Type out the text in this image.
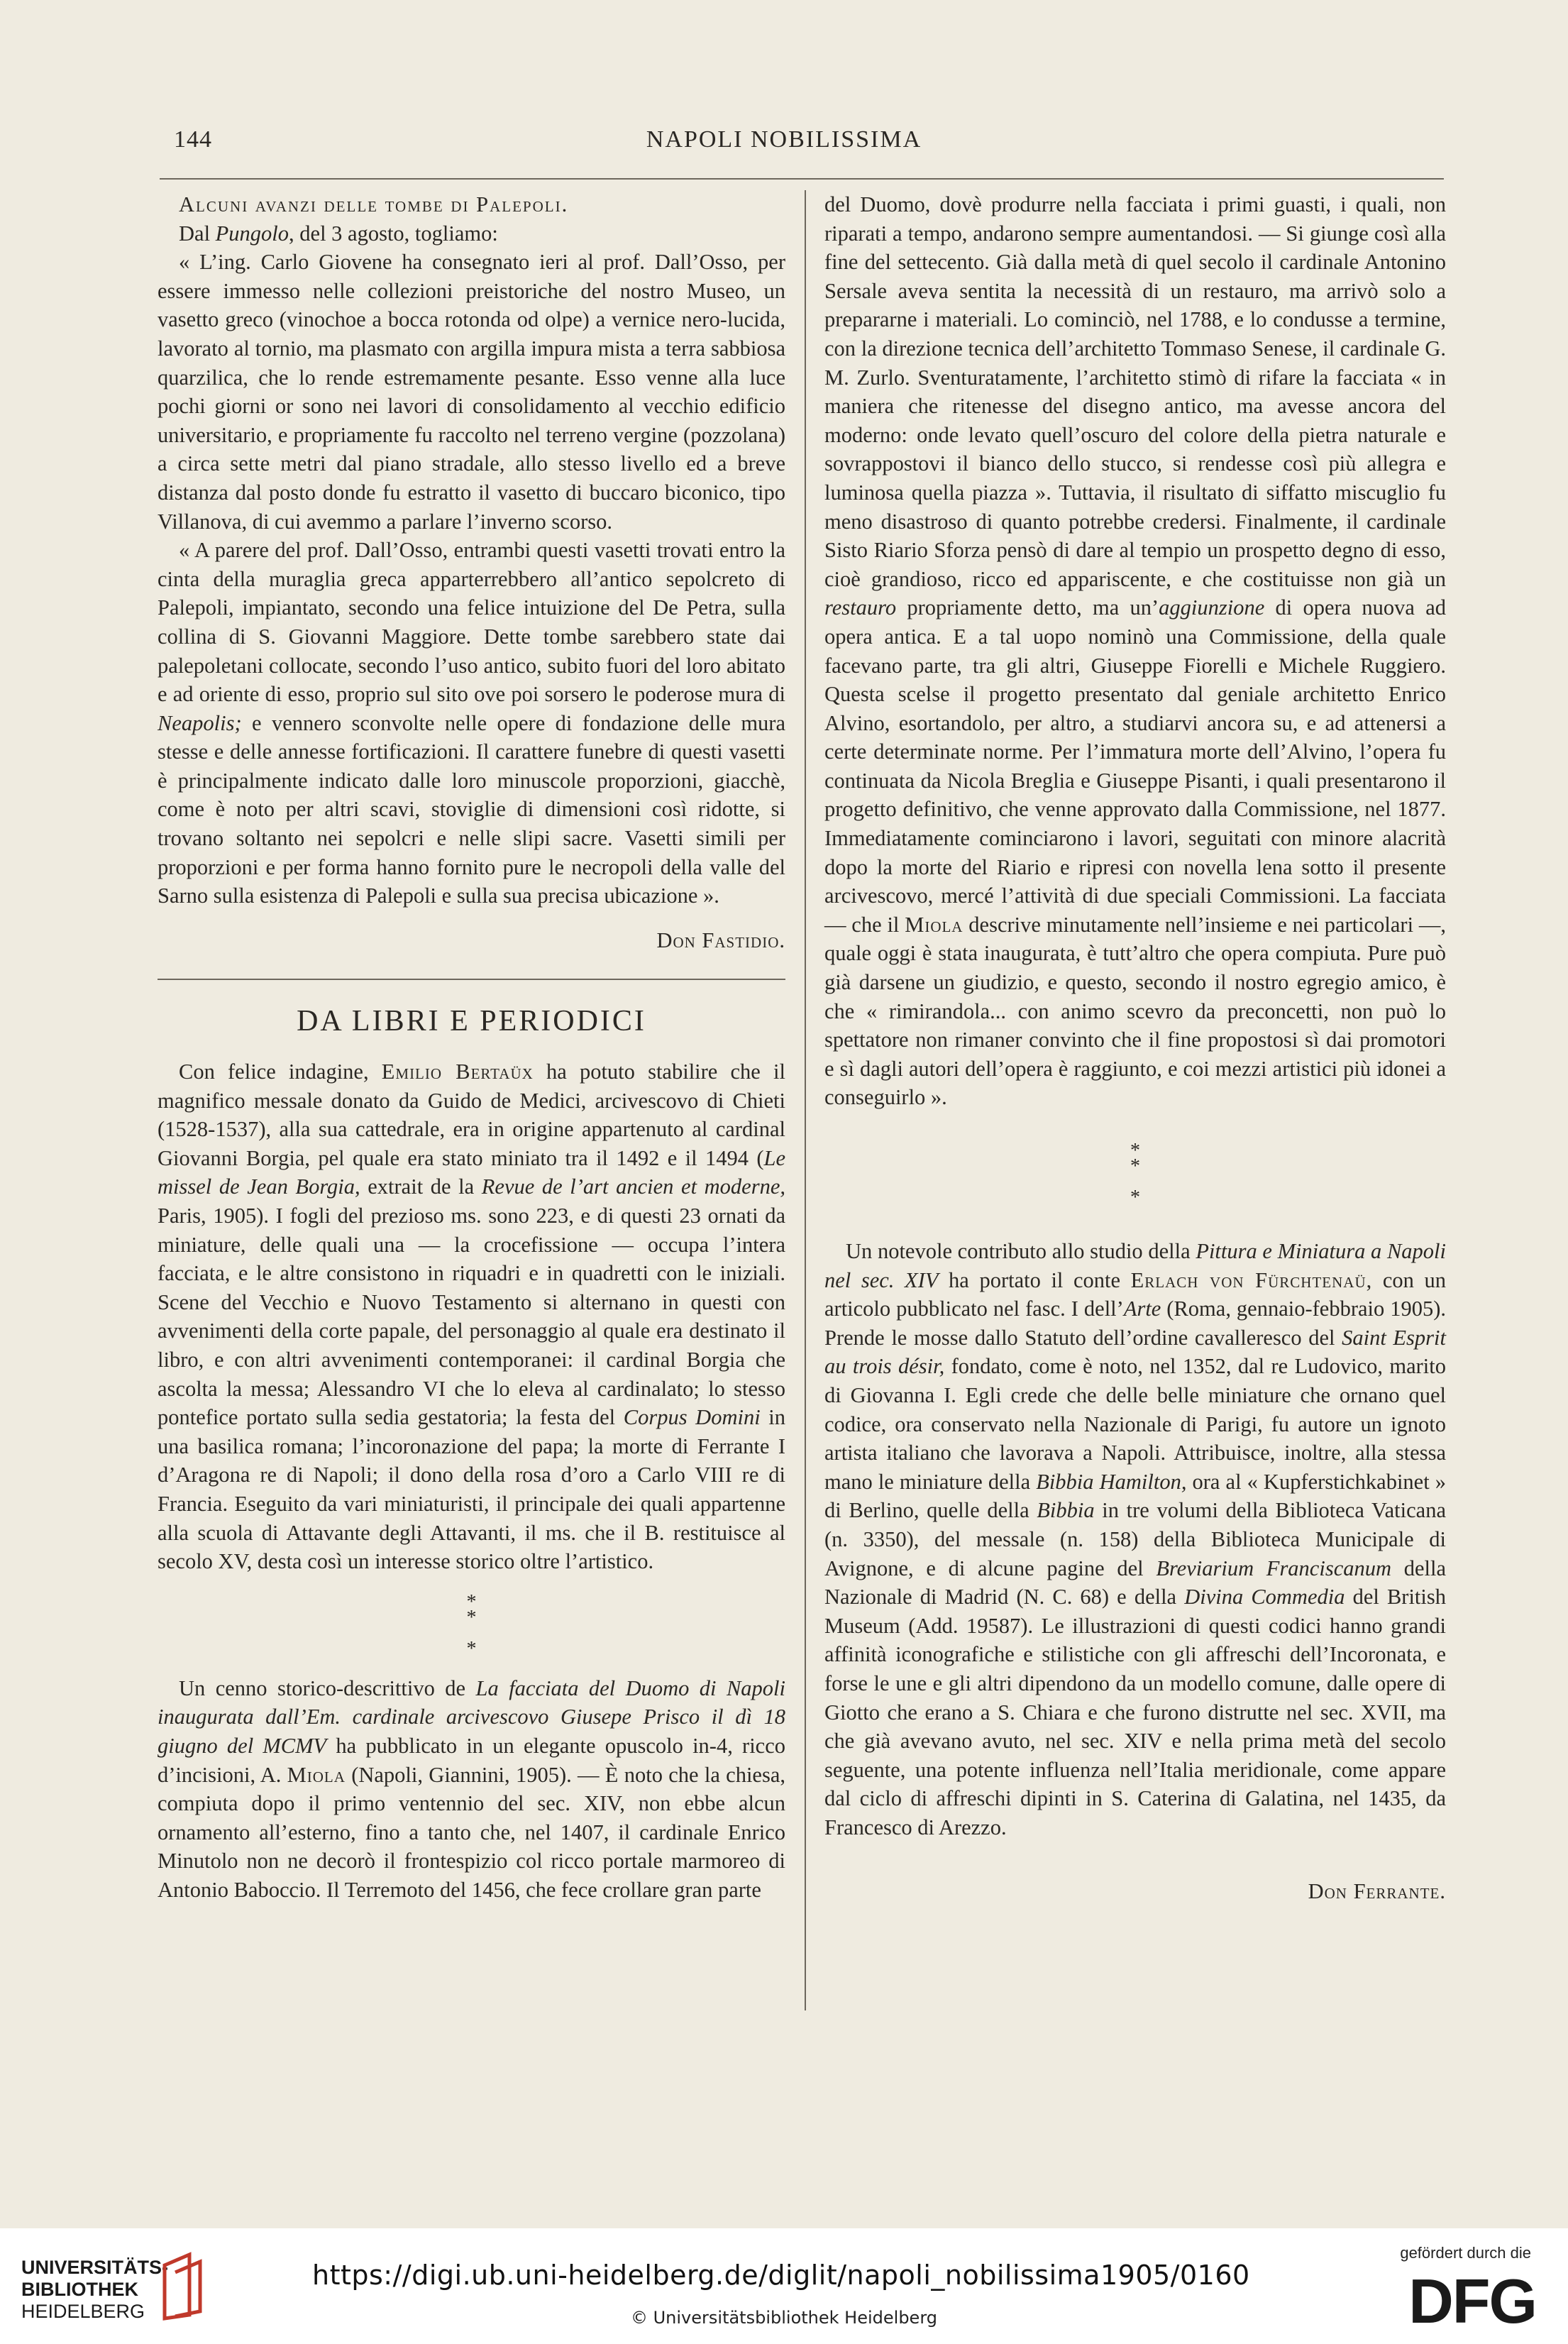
144	NAPOLI NOBILISSIMA

Alcuni avanzi delle tombe di Palepoli.

Dal Pungolo, del 3 agosto, togliamo:

« L’ing. Carlo Giovene ha consegnato ieri al prof. Dall’Osso, per essere immesso nelle collezioni preistoriche del nostro Museo, un vasetto greco (vinochoe a bocca rotonda od olpe) a vernice nero-lucida, lavorato al tornio, ma plasmato con argilla impura mista a terra sabbiosa quarzilica, che lo rende estremamente pesante. Esso venne alla luce pochi giorni or sono nei lavori di consolidamento al vecchio edificio universitario, e propriamente fu raccolto nel terreno vergine (pozzolana) a circa sette metri dal piano stradale, allo stesso livello ed a breve distanza dal posto donde fu estratto il vasetto di buccaro biconico, tipo Villanova, di cui avemmo a parlare l’inverno scorso.

« A parere del prof. Dall’Osso, entrambi questi vasetti trovati entro la cinta della muraglia greca apparterrebbero all’antico sepolcreto di Palepoli, impiantato, secondo una felice intuizione del De Petra, sulla collina di S. Giovanni Maggiore. Dette tombe sarebbero state dai palepoletani collocate, secondo l’uso antico, subito fuori del loro abitato e ad oriente di esso, proprio sul sito ove poi sorsero le poderose mura di Neapolis; e vennero sconvolte nelle opere di fondazione delle mura stesse e delle annesse fortificazioni. Il carattere funebre di questi vasetti è principalmente indicato dalle loro minuscole proporzioni, giacchè, come è noto per altri scavi, stoviglie di dimensioni così ridotte, si trovano soltanto nei sepolcri e nelle slipi sacre. Vasetti simili per proporzioni e per forma hanno fornito pure le necropoli della valle del Sarno sulla esistenza di Palepoli e sulla sua precisa ubicazione ».

Don Fastidio.

DA LIBRI E PERIODICI

Con felice indagine, Emilio Bertaüx ha potuto stabilire che il magnifico messale donato da Guido de Medici, arcivescovo di Chieti (1528-1537), alla sua cattedrale, era in origine appartenuto al cardinal Giovanni Borgia, pel quale era stato miniato tra il 1492 e il 1494 (Le missel de Jean Borgia, extrait de la Revue de l’art ancien et moderne, Paris, 1905). I fogli del prezioso ms. sono 223, e di questi 23 ornati da miniature, delle quali una — la crocefissione — occupa l’intera facciata, e le altre consistono in riquadri e in quadretti con le iniziali. Scene del Vecchio e Nuovo Testamento si alternano in questi con avvenimenti della corte papale, del personaggio al quale era destinato il libro, e con altri avvenimenti contemporanei: il cardinal Borgia che ascolta la messa; Alessandro VI che lo eleva al cardinalato; lo stesso pontefice portato sulla sedia gestatoria; la festa del Corpus Domini in una basilica romana; l’incoronazione del papa; la morte di Ferrante I d’Aragona re di Napoli; il dono della rosa d’oro a Carlo VIII re di Francia. Eseguito da vari miniaturisti, il principale dei quali appartenne alla scuola di Attavante degli Attavanti, il ms. che il B. restituisce al secolo XV, desta così un interesse storico oltre l’artistico.

*
*

*

Un cenno storico-descrittivo de La facciata del Duomo di Napoli inaugurata dall’Em. cardinale arcivescovo Giusepe Prisco il dì 18 giugno del MCMV ha pubblicato in un elegante opuscolo in-4, ricco d’incisioni, A. Miola (Napoli, Giannini, 1905). — È noto che la chiesa, compiuta dopo il primo ventennio del sec. XIV, non ebbe alcun ornamento all’esterno, fino a tanto che, nel 1407, il cardinale Enrico Minutolo non ne decorò il frontespizio col ricco portale marmoreo di Antonio Baboccio. Il Terremoto del 1456, che fece crollare gran parte

del Duomo, dovè produrre nella facciata i primi guasti, i quali, non riparati a tempo, andarono sempre aumentandosi. — Si giunge così alla fine del settecento. Già dalla metà di quel secolo il cardinale Antonino Sersale aveva sentita la necessità di un restauro, ma arrivò solo a prepararne i materiali. Lo cominciò, nel 1788, e lo condusse a termine, con la direzione tecnica dell’architetto Tommaso Senese, il cardinale G. M. Zurlo. Sventuratamente, l’architetto stimò di rifare la facciata « in maniera che ritenesse del disegno antico, ma avesse ancora del moderno: onde levato quell’oscuro del colore della pietra naturale e sovrappostovi il bianco dello stucco, si rendesse così più allegra e luminosa quella piazza ». Tuttavia, il risultato di siffatto miscuglio fu meno disastroso di quanto potrebbe credersi. Finalmente, il cardinale Sisto Riario Sforza pensò di dare al tempio un prospetto degno di esso, cioè grandioso, ricco ed appariscente, e che costituisse non già un restauro propriamente detto, ma un’aggiunzione di opera nuova ad opera antica. E a tal uopo nominò una Commissione, della quale facevano parte, tra gli altri, Giuseppe Fiorelli e Michele Ruggiero. Questa scelse il progetto presentato dal geniale architetto Enrico Alvino, esortandolo, per altro, a studiarvi ancora su, e ad attenersi a certe determinate norme. Per l’immatura morte dell’Alvino, l’opera fu continuata da Nicola Breglia e Giuseppe Pisanti, i quali presentarono il progetto definitivo, che venne approvato dalla Commissione, nel 1877. Immediatamente cominciarono i lavori, seguitati con minore alacrità dopo la morte del Riario e ripresi con novella lena sotto il presente arcivescovo, mercé l’attività di due speciali Commissioni. La facciata — che il Miola descrive minutamente nell’insieme e nei particolari —, quale oggi è stata inaugurata, è tutt’altro che opera compiuta. Pure può già darsene un giudizio, e questo, secondo il nostro egregio amico, è che « rimirandola... con animo scevro da preconcetti, non può lo spettatore non rimaner convinto che il fine propostosi sì dai promotori e sì dagli autori dell’opera è raggiunto, e coi mezzi artistici più idonei a conseguirlo ».

*
*

*

Un notevole contributo allo studio della Pittura e Miniatura a Napoli nel sec. XIV ha portato il conte Erlach von Fürchtenaü, con un articolo pubblicato nel fasc. I dell’Arte (Roma, gennaio-febbraio 1905). Prende le mosse dallo Statuto dell’ordine cavalleresco del Saint Esprit au trois désir, fondato, come è noto, nel 1352, dal re Ludovico, marito di Giovanna I. Egli crede che delle belle miniature che ornano quel codice, ora conservato nella Nazionale di Parigi, fu autore un ignoto artista italiano che lavorava a Napoli. Attribuisce, inoltre, alla stessa mano le miniature della Bibbia Hamilton, ora al « Kupferstichkabinet » di Berlino, quelle della Bibbia in tre volumi della Biblioteca Vaticana (n. 3350), del messale (n. 158) della Biblioteca Municipale di Avignone, e di alcune pagine del Breviarium Franciscanum della Nazionale di Madrid (N. C. 68) e della Divina Commedia del British Museum (Add. 19587). Le illustrazioni di questi codici hanno grandi affinità iconografiche e stilistiche con gli affreschi dell’Incoronata, e forse le une e gli altri dipendono da un modello comune, dalle opere di Giotto che erano a S. Chiara e che furono distrutte nel sec. XVII, ma che già avevano avuto, nel sec. XIV e nella prima metà del secolo seguente, una potente influenza nell’Italia meridionale, come appare dal ciclo di affreschi dipinti in S. Caterina di Galatina, nel 1435, da Francesco di Arezzo.

Don Ferrante.

UNIVERSITÄTS-
BIBLIOTHEK
HEIDELBERG
https://digi.ub.uni-heidelberg.de/diglit/napoli_nobilissima1905/0160
© Universitätsbibliothek Heidelberg
gefördert durch die
DFG
